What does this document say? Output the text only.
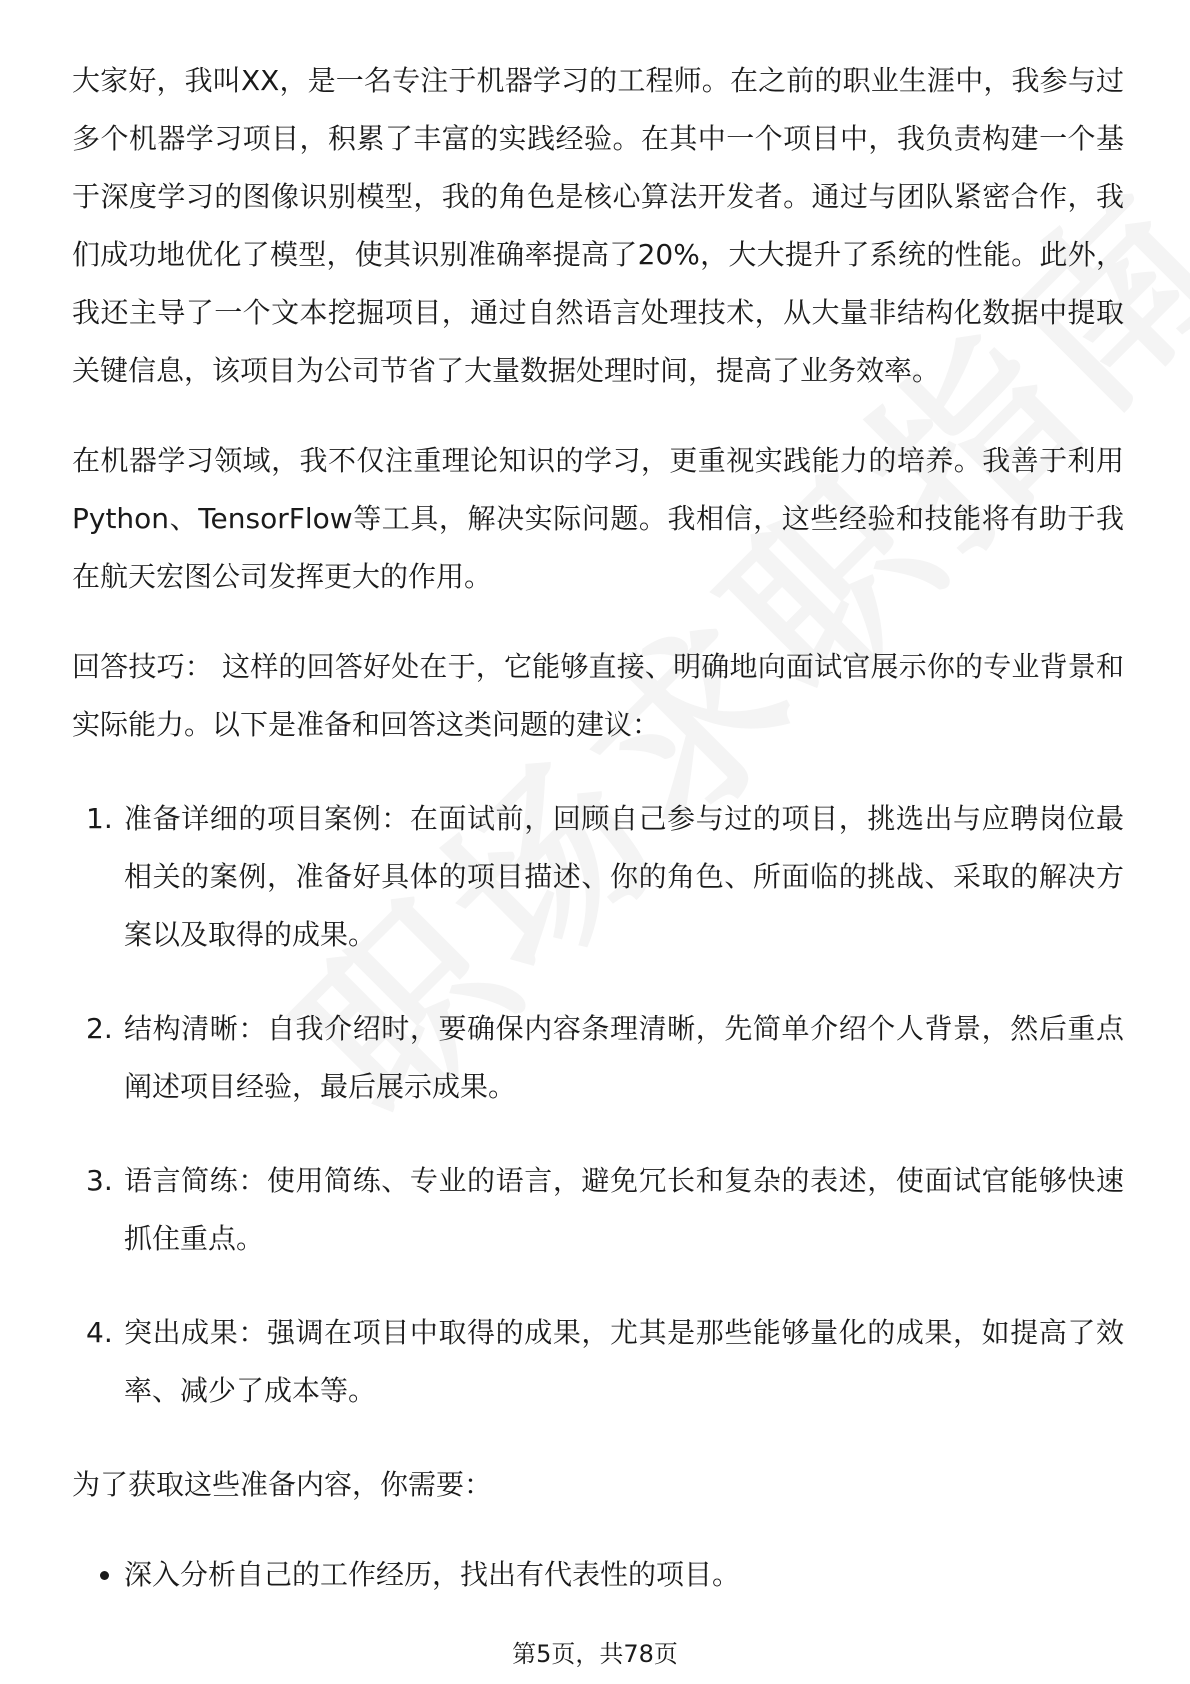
大家好，我叫XX，是一名专注于机器学习的工程师。在之前的职业生涯中，我参与过多个机器学习项目，积累了丰富的实践经验。在其中一个项目中，我负责构建一个基于深度学习的图像识别模型，我的角色是核心算法开发者。通过与团队紧密合作，我们成功地优化了模型，使其识别准确率提高了20%，大大提升了系统的性能。此外，我还主导了一个文本挖掘项目，通过自然语言处理技术，从大量非结构化数据中提取关键信息，该项目为公司节省了大量数据处理时间，提高了业务效率。

在机器学习领域，我不仅注重理论知识的学习，更重视实践能力的培养。我善于利用Python、TensorFlow等工具，解决实际问题。我相信，这些经验和技能将有助于我在航天宏图公司发挥更大的作用。

回答技巧： 这样的回答好处在于，它能够直接、明确地向面试官展示你的专业背景和实际能力。以下是准备和回答这类问题的建议：

1. 准备详细的项目案例：在面试前，回顾自己参与过的项目，挑选出与应聘岗位最相关的案例，准备好具体的项目描述、你的角色、所面临的挑战、采取的解决方案以及取得的成果。
2. 结构清晰：自我介绍时，要确保内容条理清晰，先简单介绍个人背景，然后重点阐述项目经验，最后展示成果。
3. 语言简练：使用简练、专业的语言，避免冗长和复杂的表述，使面试官能够快速抓住重点。
4. 突出成果：强调在项目中取得的成果，尤其是那些能够量化的成果，如提高了效率、减少了成本等。

为了获取这些准备内容，你需要：

深入分析自己的工作经历，找出有代表性的项目。
第5页，共78页
